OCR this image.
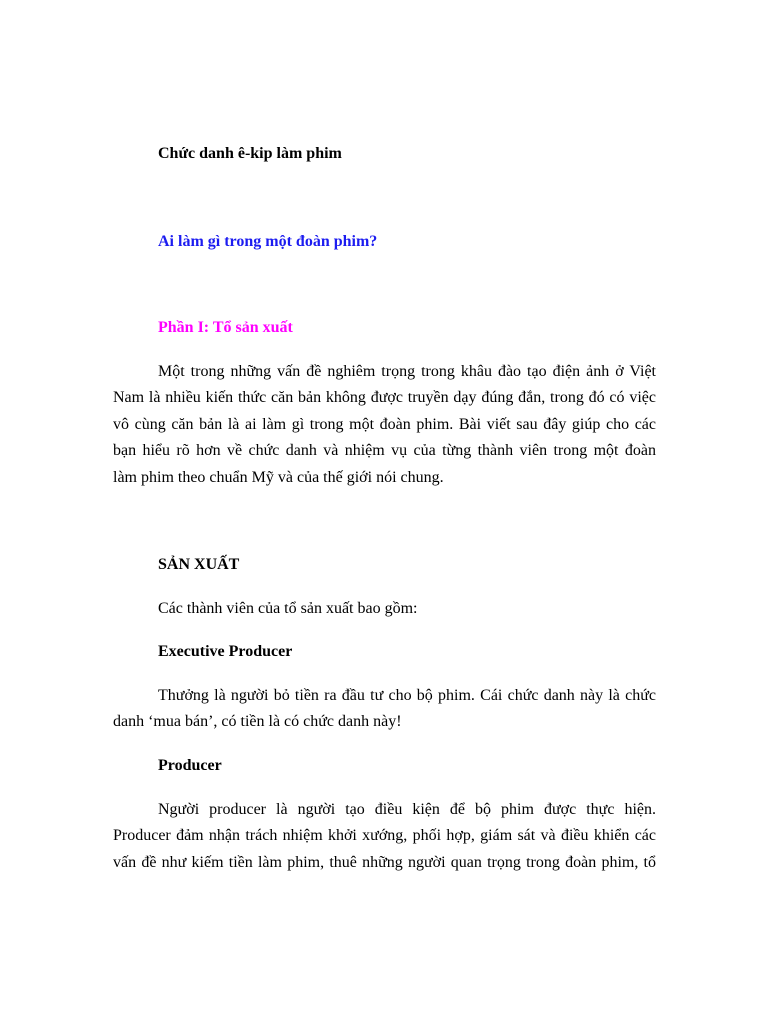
Chức danh ê-kip làm phim
Ai làm gì trong một đoàn phim?
Phần I: Tổ sản xuất
Một trong những vấn đề nghiêm trọng trong khâu đào tạo điện ảnh ở Việt
Nam là nhiều kiến thức căn bản không được truyền dạy đúng đắn, trong đó có việc
vô cùng căn bản là ai làm gì trong một đoàn phim. Bài viết sau đây giúp cho các
bạn hiểu rõ hơn về chức danh và nhiệm vụ của từng thành viên trong một đoàn
làm phim theo chuẩn Mỹ và của thế giới nói chung.
SẢN XUẤT
Các thành viên của tổ sản xuất bao gồm:
Executive Producer
Thưởng là người bỏ tiền ra đầu tư cho bộ phim. Cái chức danh này là chức
danh ‘mua bán’, có tiền là có chức danh này!
Producer
Người producer là người tạo điều kiện để bộ phim được thực hiện.
Producer đảm nhận trách nhiệm khởi xướng, phối hợp, giám sát và điều khiển các
vấn đề như kiếm tiền làm phim, thuê những người quan trọng trong đoàn phim, tổ
